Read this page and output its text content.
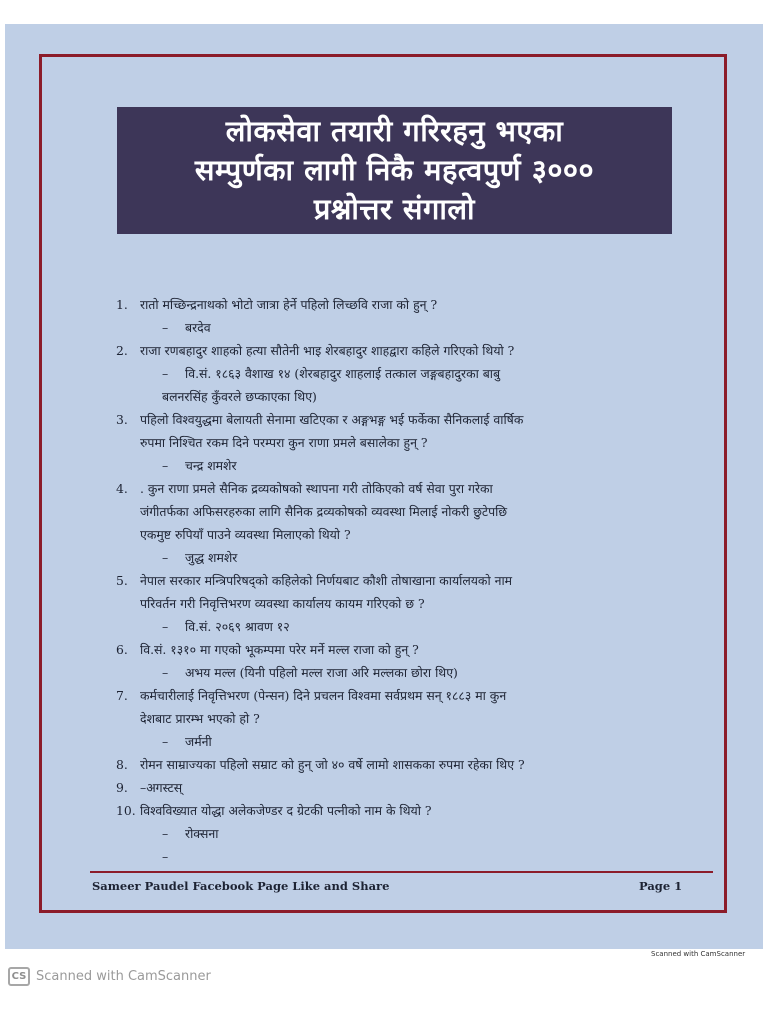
लोकसेवा तयारी गरिरहनु भएका
सम्पुर्णका लागी निकै महत्वपुर्ण ३०००
प्रश्नोत्तर संगालो
1. रातो मच्छिन्द्रनाथको भोटो जात्रा हेर्ने पहिलो लिच्छवि राजा को हुन् ?
–	बरदेव
2. राजा रणबहादुर शाहको हत्या सौतेनी भाइ शेरबहादुर शाहद्वारा कहिले गरिएको थियो ?
–	वि.सं. १८६३ वैशाख १४ (शेरबहादुर शाहलाई तत्काल जङ्गबहादुरका बाबु
बलनरसिंह कुँवरले छप्काएका थिए)
3. पहिलो विश्वयुद्धमा बेलायती सेनामा खटिएका र अङ्गभङ्ग भई फर्केका सैनिकलाई वार्षिक
रुपमा निश्चित रकम दिने परम्परा कुन राणा प्रमले बसालेका हुन् ?
–	चन्द्र शमशेर
4. . कुन राणा प्रमले सैनिक द्रव्यकोषको स्थापना गरी तोकिएको वर्ष सेवा पुरा गरेका
जंगीतर्फका अफिसरहरुका लागि सैनिक द्रव्यकोषको व्यवस्था मिलाई नोकरी छुटेपछि
एकमुष्ट रुपियाँ पाउने व्यवस्था मिलाएको थियो ?
–	जुद्ध शमशेर
5. नेपाल सरकार मन्त्रिपरिषद्को कहिलेको निर्णयबाट कौशी तोषाखाना कार्यालयको नाम
परिवर्तन गरी निवृत्तिभरण व्यवस्था कार्यालय कायम गरिएको छ ?
–	वि.सं. २०६९ श्रावण १२
6. वि.सं. १३१० मा गएको भूकम्पमा परेर मर्ने मल्ल राजा को हुन् ?
–	अभय मल्ल (यिनी पहिलो मल्ल राजा अरि मल्लका छोरा थिए)
7. कर्मचारीलाई निवृत्तिभरण (पेन्सन) दिने प्रचलन विश्वमा सर्वप्रथम सन् १८८३ मा कुन
देशबाट प्रारम्भ भएको हो ?
–	जर्मनी
8. रोमन साम्राज्यका पहिलो सम्राट को हुन् जो ४० वर्षे लामो शासकका रुपमा रहेका थिए ?
9. –अगस्टस्
10. विश्वविख्यात योद्धा अलेकजेण्डर द ग्रेटकी पत्नीको नाम के थियो ?
–	रोक्सना
–
Sameer Paudel Facebook Page Like and Share	Page 1
Scanned with CamScanner
CS Scanned with CamScanner
